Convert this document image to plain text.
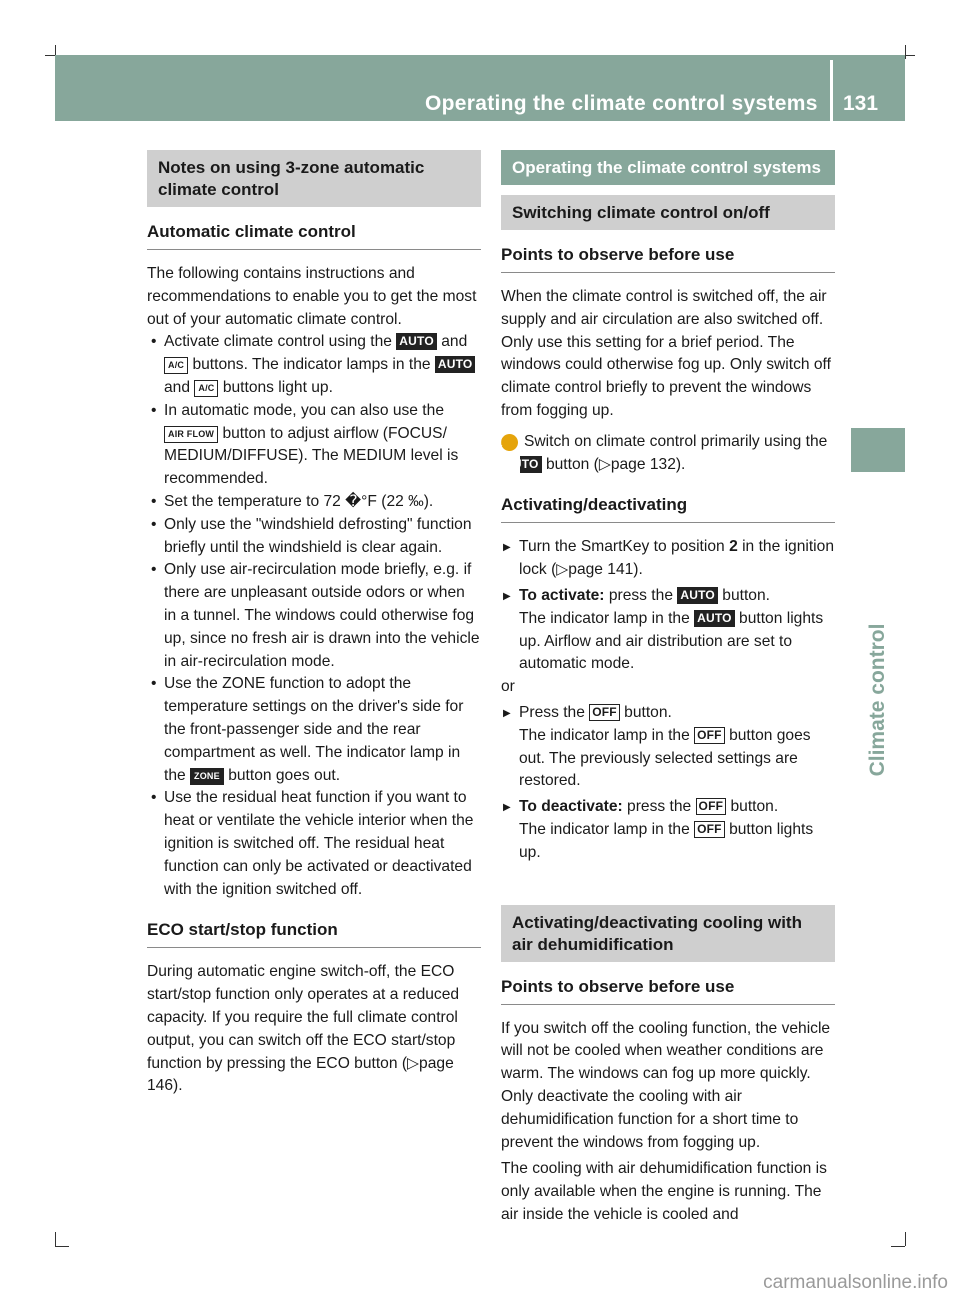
Operating the climate control systems 131
Climate control
Notes on using 3-zone automatic climate control
Automatic climate control

The following contains instructions and recommendations to enable you to get the most out of your automatic climate control.

• Activate climate control using the AUTO and A/C buttons. The indicator lamps in the AUTO and A/C buttons light up.

• In automatic mode, you can also use the AIR FLOW button to adjust airflow (FOCUS/ MEDIUM/DIFFUSE). The MEDIUM level is recommended.

• Set the temperature to 72 �°F (22 ‰).

• Only use the "windshield defrosting" function briefly until the windshield is clear again.

• Only use air-recirculation mode briefly, e.g. if there are unpleasant outside odors or when in a tunnel. The windows could otherwise fog up, since no fresh air is drawn into the vehicle in air-recirculation mode.

• Use the ZONE function to adopt the temperature settings on the driver's side for the front-passenger side and the rear compartment as well. The indicator lamp in the ZONE button goes out.

• Use the residual heat function if you want to heat or ventilate the vehicle interior when the ignition is switched off. The residual heat function can only be activated or deactivated with the ignition switched off.

ECO start/stop function

During automatic engine switch-off, the ECO start/stop function only operates at a reduced capacity. If you require the full climate control output, you can switch off the ECO start/stop function by pressing the ECO button (▷page 146).

Operating the climate control systems
Switching climate control on/off
Points to observe before use

When the climate control is switched off, the air supply and air circulation are also switched off. Only use this setting for a brief period. The windows could otherwise fog up. Only switch off climate control briefly to prevent the windows from fogging up.

i Switch on climate control primarily using the AUTO button (▷page 132).

Activating/deactivating

▶ Turn the SmartKey to position 2 in the ignition lock (▷page 141).

▶ To activate: press the AUTO button.
The indicator lamp in the AUTO button lights up. Airflow and air distribution are set to automatic mode.

or

▶ Press the OFF button.
The indicator lamp in the OFF button goes out. The previously selected settings are restored.

▶ To deactivate: press the OFF button.
The indicator lamp in the OFF button lights up.

Activating/deactivating cooling with air dehumidification
Points to observe before use

If you switch off the cooling function, the vehicle will not be cooled when weather conditions are warm. The windows can fog up more quickly. Only deactivate the cooling with air dehumidification function for a short time to prevent the windows from fogging up.

The cooling with air dehumidification function is only available when the engine is running. The air inside the vehicle is cooled and

carmanualsonline.info
